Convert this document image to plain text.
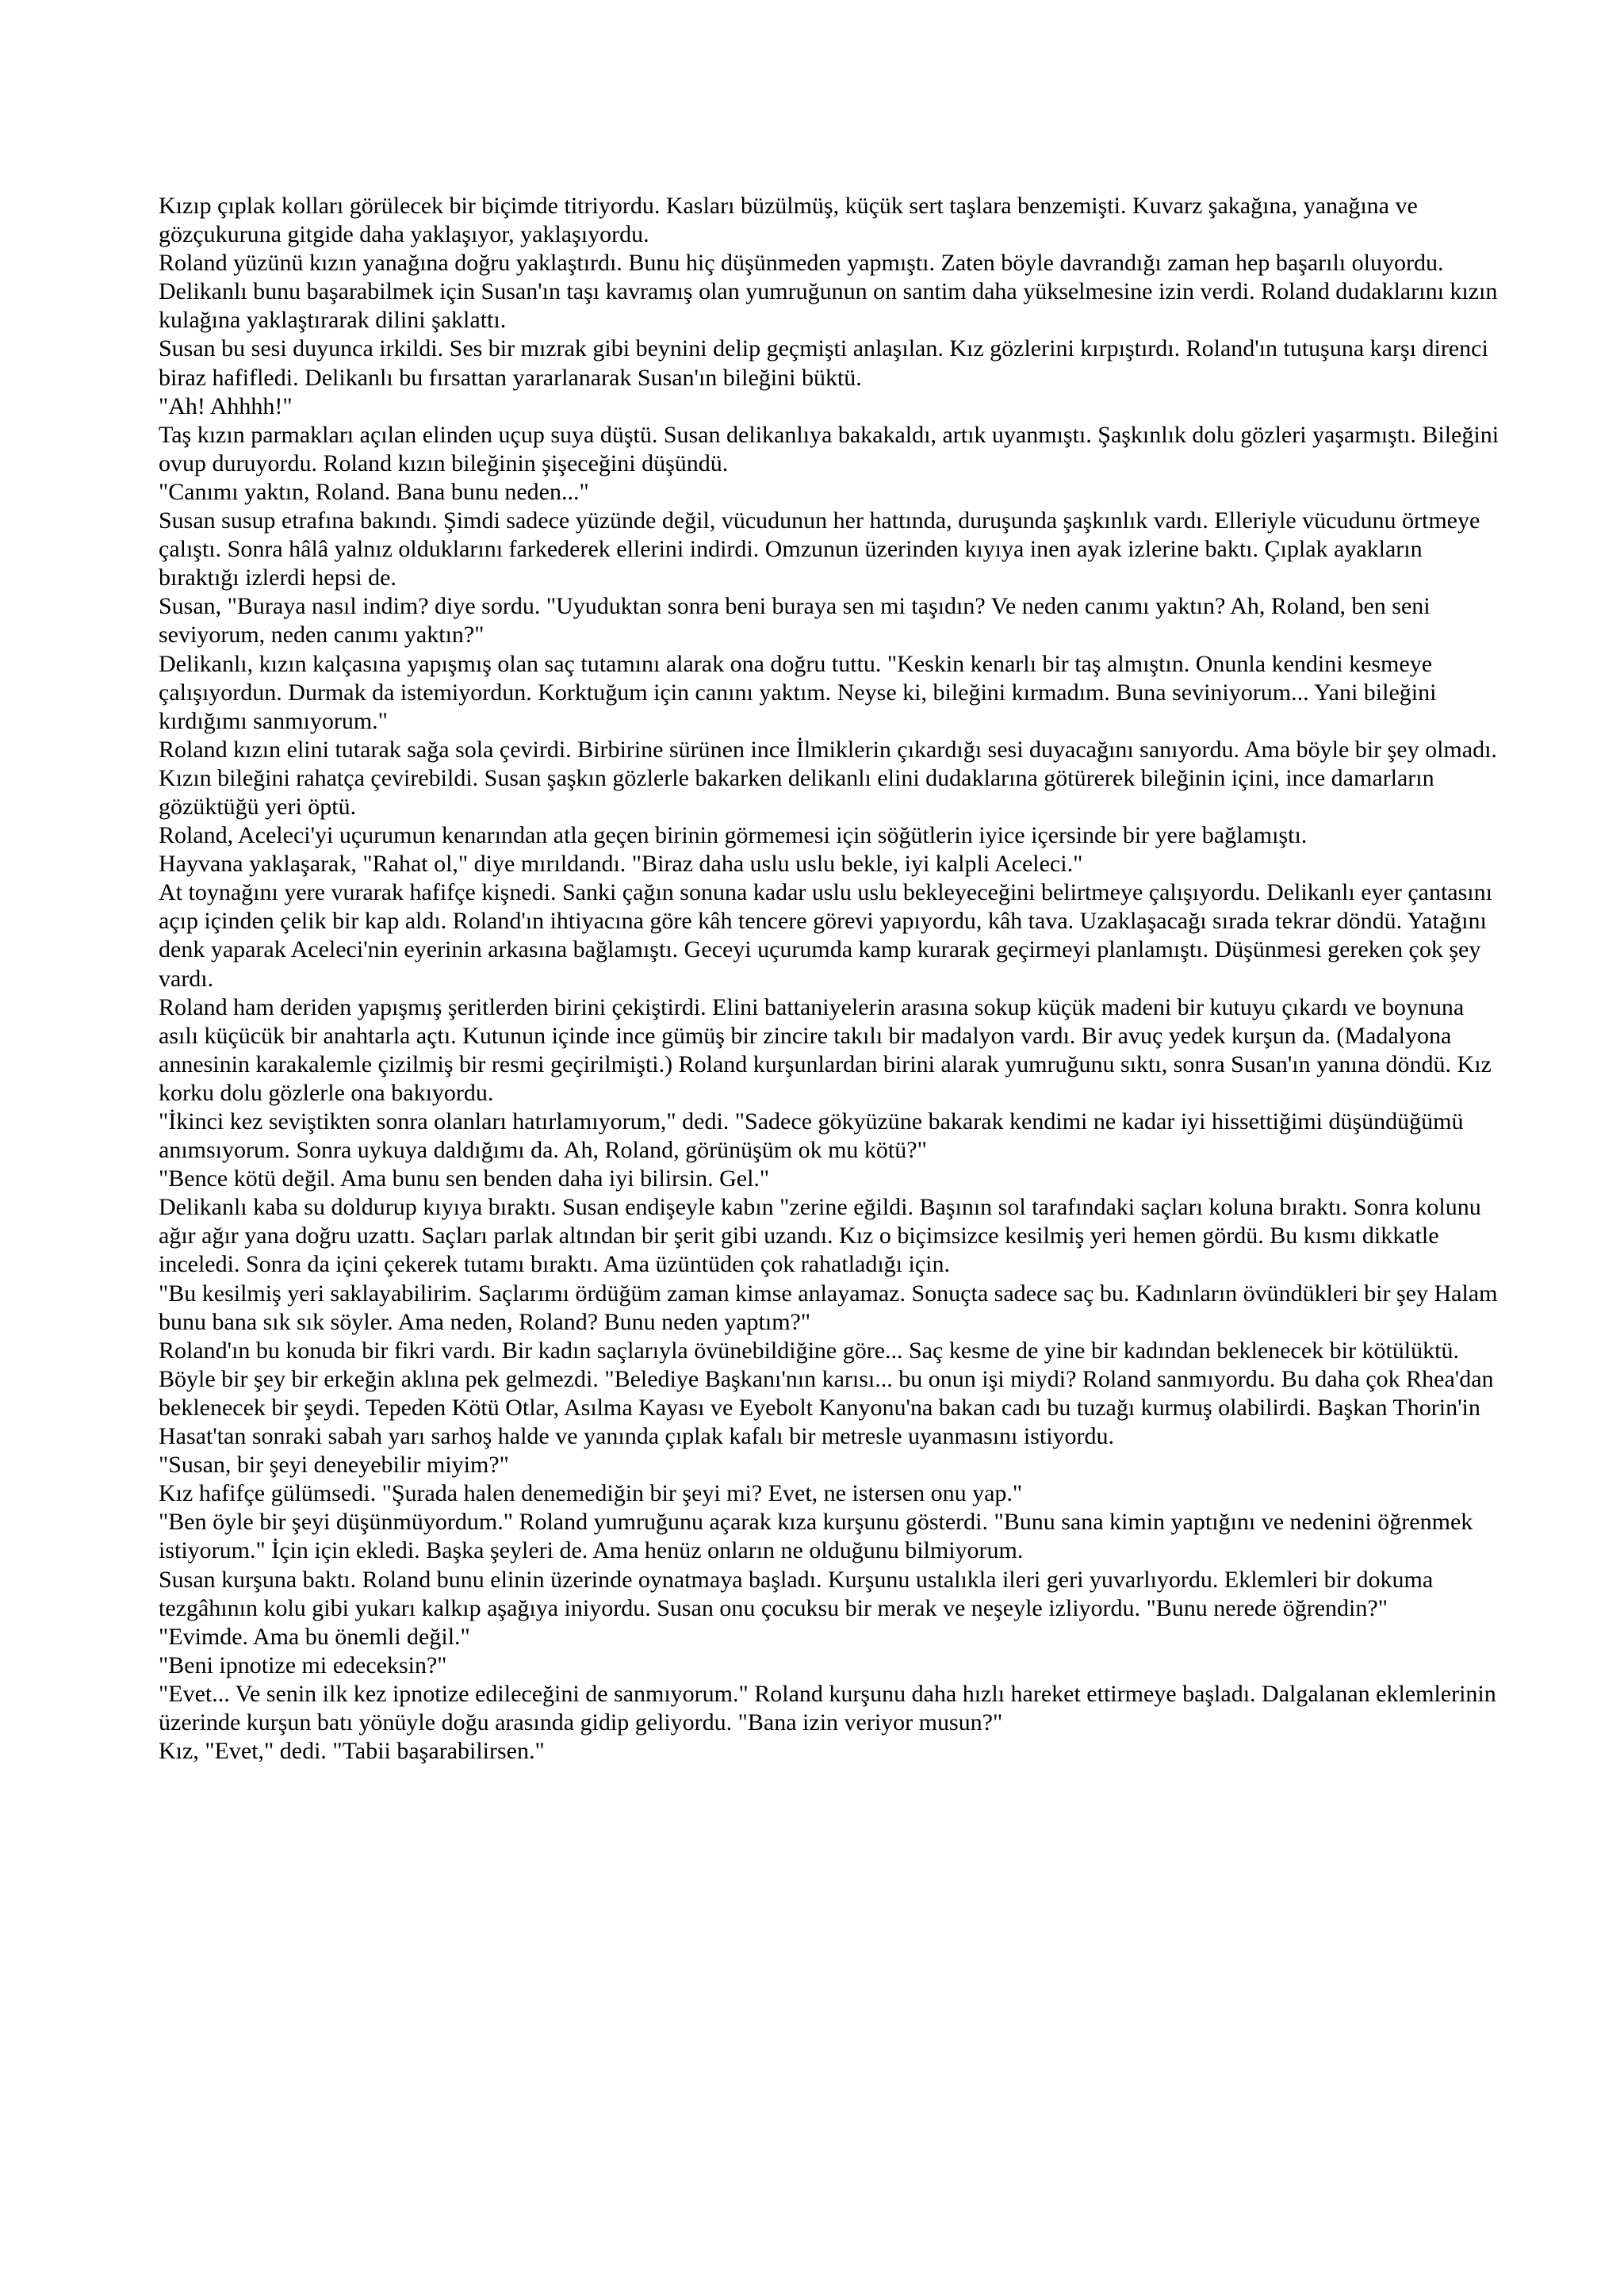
Kızıp çıplak kolları görülecek bir biçimde titriyordu. Kasları büzülmüş, küçük sert taşlara benzemişti. Kuvarz şakağına, yanağına ve gözçukuruna gitgide daha yaklaşıyor, yaklaşıyordu.

Roland yüzünü kızın yanağına doğru yaklaştırdı. Bunu hiç düşünmeden yapmıştı. Zaten böyle davrandığı zaman hep başarılı oluyordu. Delikanlı bunu başarabilmek için Susan'ın taşı kavramış olan yumruğunun on santim daha yükselmesine izin verdi. Roland dudaklarını kızın kulağına yaklaştırarak dilini şaklattı.

Susan bu sesi duyunca irkildi. Ses bir mızrak gibi beynini delip geçmişti anlaşılan. Kız gözlerini kırpıştırdı. Roland'ın tutuşuna karşı direnci biraz hafifledi. Delikanlı bu fırsattan yararlanarak Susan'ın bileğini büktü.

"Ah! Ahhhh!"

Taş kızın parmakları açılan elinden uçup suya düştü. Susan delikanlıya bakakaldı, artık uyanmıştı. Şaşkınlık dolu gözleri yaşarmıştı. Bileğini ovup duruyordu. Roland kızın bileğinin şişeceğini düşündü.

"Canımı yaktın, Roland. Bana bunu neden..."

Susan susup etrafına bakındı. Şimdi sadece yüzünde değil, vücudunun her hattında, duruşunda şaşkınlık vardı. Elleriyle vücudunu örtmeye çalıştı. Sonra hâlâ yalnız olduklarını farkederek ellerini indirdi. Omzunun üzerinden kıyıya inen ayak izlerine baktı. Çıplak ayakların bıraktığı izlerdi hepsi de.

Susan, "Buraya nasıl indim? diye sordu. "Uyuduktan sonra beni buraya sen mi taşıdın? Ve neden canımı yaktın? Ah, Roland, ben seni seviyorum, neden canımı yaktın?"

Delikanlı, kızın kalçasına yapışmış olan saç tutamını alarak ona doğru tuttu. "Keskin kenarlı bir taş almıştın. Onunla kendini kesmeye çalışıyordun. Durmak da istemiyordun. Korktuğum için canını yaktım. Neyse ki, bileğini kırmadım. Buna seviniyorum... Yani bileğini kırdığımı sanmıyorum."

Roland kızın elini tutarak sağa sola çevirdi. Birbirine sürünen ince İlmiklerin çıkardığı sesi duyacağını sanıyordu. Ama böyle bir şey olmadı. Kızın bileğini rahatça çevirebildi. Susan şaşkın gözlerle bakarken delikanlı elini dudaklarına götürerek bileğinin içini, ince damarların gözüktüğü yeri öptü.

Roland, Aceleci'yi uçurumun kenarından atla geçen birinin görmemesi için söğütlerin iyice içersinde bir yere bağlamıştı.

Hayvana yaklaşarak, "Rahat ol," diye mırıldandı. "Biraz daha uslu uslu bekle, iyi kalpli Aceleci."

At toynağını yere vurarak hafifçe kişnedi. Sanki çağın sonuna kadar uslu uslu bekleyeceğini belirtmeye çalışıyordu. Delikanlı eyer çantasını açıp içinden çelik bir kap aldı. Roland'ın ihtiyacına göre kâh tencere görevi yapıyordu, kâh tava. Uzaklaşacağı sırada tekrar döndü. Yatağını denk yaparak Aceleci'nin eyerinin arkasına bağlamıştı. Geceyi uçurumda kamp kurarak geçirmeyi planlamıştı. Düşünmesi gereken çok şey vardı.

Roland ham deriden yapışmış şeritlerden birini çekiştirdi. Elini battaniyelerin arasına sokup küçük madeni bir kutuyu çıkardı ve boynuna asılı küçücük bir anahtarla açtı. Kutunun içinde ince gümüş bir zincire takılı bir madalyon vardı. Bir avuç yedek kurşun da. (Madalyona annesinin karakalemle çizilmiş bir resmi geçirilmişti.) Roland kurşunlardan birini alarak yumruğunu sıktı, sonra Susan'ın yanına döndü. Kız korku dolu gözlerle ona bakıyordu.

"İkinci kez seviştikten sonra olanları hatırlamıyorum," dedi. "Sadece gökyüzüne bakarak kendimi ne kadar iyi hissettiğimi düşündüğümü anımsıyorum. Sonra uykuya daldığımı da. Ah, Roland, görünüşüm ok mu kötü?"

"Bence kötü değil. Ama bunu sen benden daha iyi bilirsin. Gel."

Delikanlı kaba su doldurup kıyıya bıraktı. Susan endişeyle kabın "zerine eğildi. Başının sol tarafındaki saçları koluna bıraktı. Sonra kolunu ağır ağır yana doğru uzattı. Saçları parlak altından bir şerit gibi uzandı. Kız o biçimsizce kesilmiş yeri hemen gördü. Bu kısmı dikkatle inceledi. Sonra da içini çekerek tutamı bıraktı. Ama üzüntüden çok rahatladığı için.

"Bu kesilmiş yeri saklayabilirim. Saçlarımı ördüğüm zaman kimse anlayamaz. Sonuçta sadece saç bu. Kadınların övündükleri bir şey Halam bunu bana sık sık söyler. Ama neden, Roland? Bunu neden yaptım?"

Roland'ın bu konuda bir fikri vardı. Bir kadın saçlarıyla övünebildiğine göre... Saç kesme de yine bir kadından beklenecek bir kötülüktü. Böyle bir şey bir erkeğin aklına pek gelmezdi. "Belediye Başkanı'nın karısı... bu onun işi miydi? Roland sanmıyordu. Bu daha çok Rhea'dan beklenecek bir şeydi. Tepeden Kötü Otlar, Asılma Kayası ve Eyebolt Kanyonu'na bakan cadı bu tuzağı kurmuş olabilirdi. Başkan Thorin'in Hasat'tan sonraki sabah yarı sarhoş halde ve yanında çıplak kafalı bir metresle uyanmasını istiyordu.

"Susan, bir şeyi deneyebilir miyim?"

Kız hafifçe gülümsedi. "Şurada halen denemediğin bir şeyi mi? Evet, ne istersen onu yap."

"Ben öyle bir şeyi düşünmüyordum." Roland yumruğunu açarak kıza kurşunu gösterdi. "Bunu sana kimin yaptığını ve nedenini öğrenmek istiyorum." İçin için ekledi. Başka şeyleri de. Ama henüz onların ne olduğunu bilmiyorum.

Susan kurşuna baktı. Roland bunu elinin üzerinde oynatmaya başladı. Kurşunu ustalıkla ileri geri yuvarlıyordu. Eklemleri bir dokuma tezgâhının kolu gibi yukarı kalkıp aşağıya iniyordu. Susan onu çocuksu bir merak ve neşeyle izliyordu. "Bunu nerede öğrendin?"

"Evimde. Ama bu önemli değil."

"Beni ipnotize mi edeceksin?"

"Evet... Ve senin ilk kez ipnotize edileceğini de sanmıyorum." Roland kurşunu daha hızlı hareket ettirmeye başladı. Dalgalanan eklemlerinin üzerinde kurşun batı yönüyle doğu arasında gidip geliyordu. "Bana izin veriyor musun?"

Kız, "Evet," dedi. "Tabii başarabilirsen."
